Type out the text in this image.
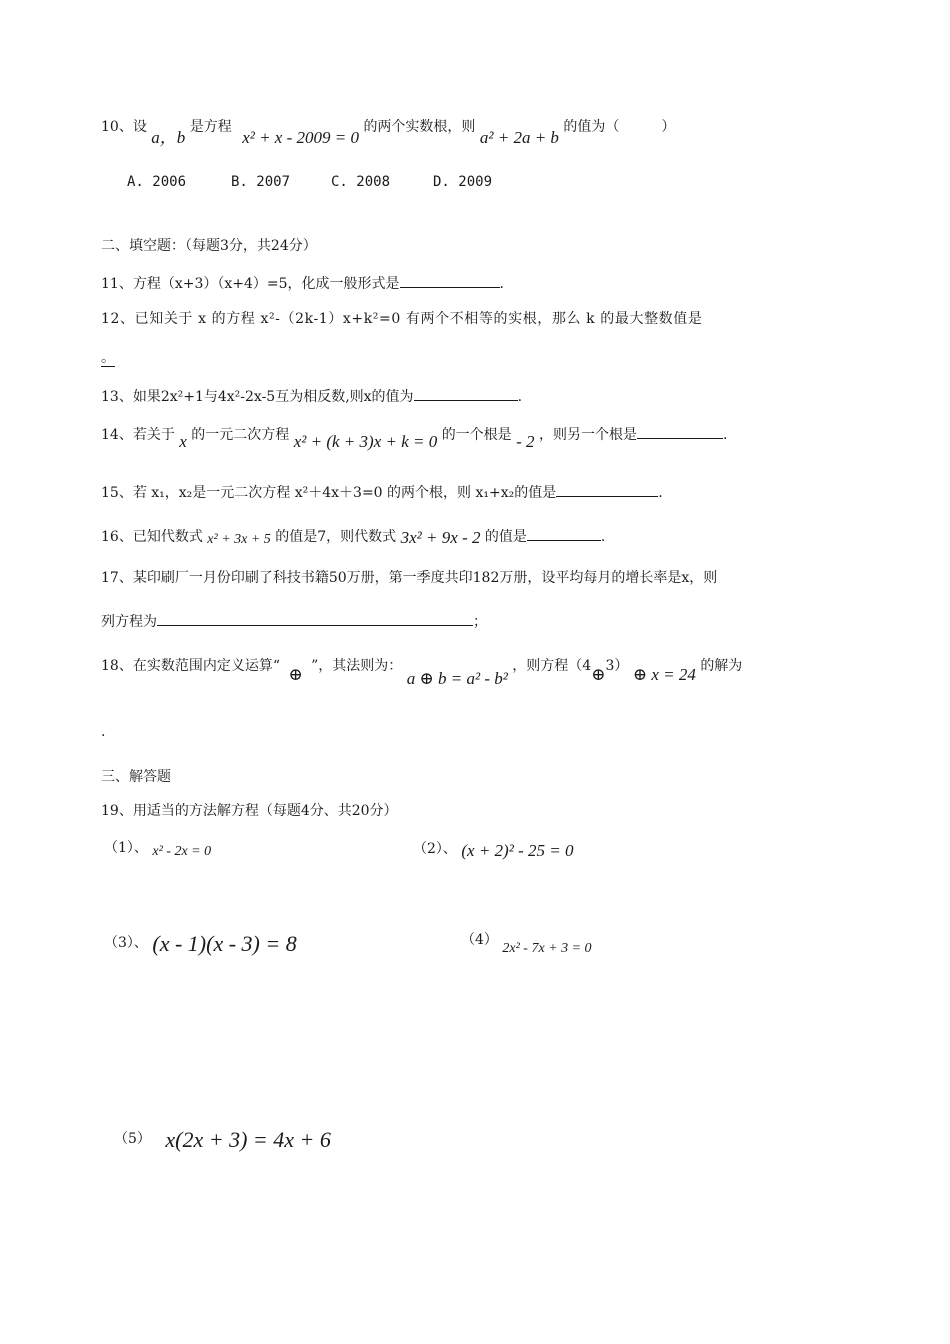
10、设 a，b 是方程 x² + x - 2009 = 0 的两个实数根，则 a² + 2a + b 的值为（　　　）
A. 2006	B. 2007	C. 2008	D. 2009
二、填空题：（每题3分，共24分）
11、方程（x+3）（x+4）=5，化成一般形式是	.
12、已知关于 x 的方程 x²-（2k-1）x+k²=0 有两个不相等的实根，那么 k 的最大整数值是
。
13、如果2x²+1与4x²-2x-5互为相反数,则x的值为	.
14、若关于 x 的一元二次方程 x² + (k + 3)x + k = 0 的一个根是 - 2 ，则另一个根是	.
15、若 x₁，x₂是一元二次方程 x²＋4x＋3=0 的两个根，则 x₁+x₂的值是	.
16、已知代数式 x² + 3x + 5 的值是7，则代数式 3x² + 9x - 2 的值是	.
17、某印刷厂一月份印刷了科技书籍50万册，第一季度共印182万册，设平均每月的增长率是x，则
列方程为	；
18、在实数范围内定义运算“ ⊕ ”，其法则为： a ⊕ b = a² - b² ，则方程（4⊕3） ⊕ x = 24 的解为
.
三、解答题
19、用适当的方法解方程（每题4分、共20分）
（1）、 x² - 2x = 0	（2）、 (x + 2)² - 25 = 0
（3）、 (x - 1)(x - 3) = 8	（4） 2x² - 7x + 3 = 0
（5） x(2x + 3) = 4x + 6
